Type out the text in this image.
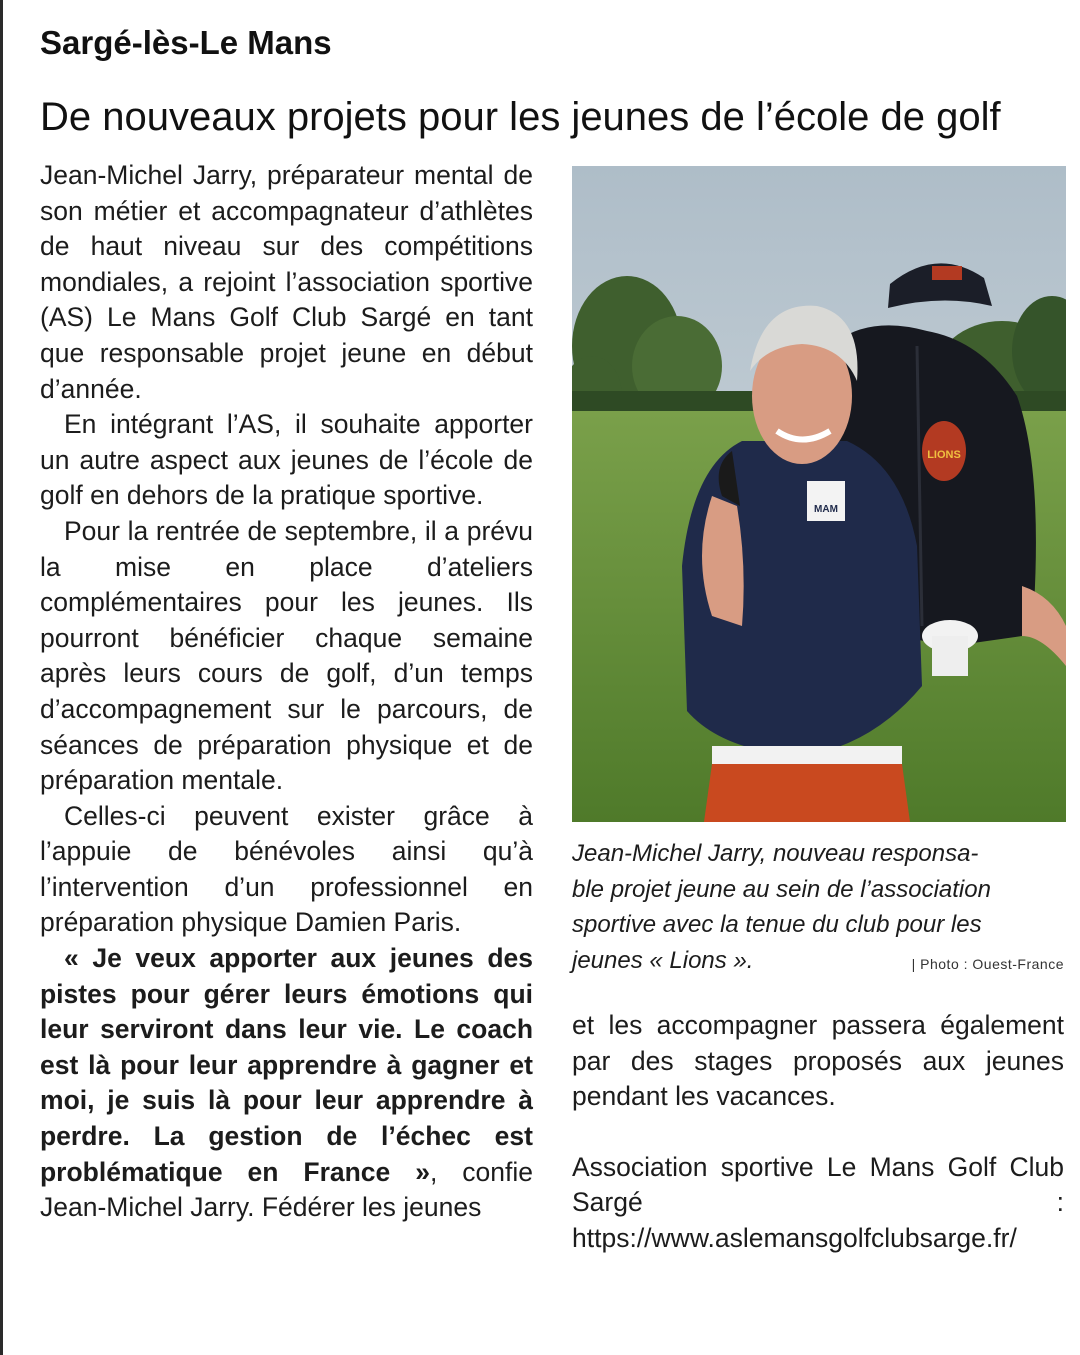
Sargé-lès-Le Mans
De nouveaux projets pour les jeunes de l’école de golf

Jean-Michel Jarry, préparateur mental de son métier et accompagnateur d’athlètes de haut niveau sur des compétitions mondiales, a rejoint l’association sportive (AS) Le Mans Golf Club Sargé en tant que responsable projet jeune en début d’année.

En intégrant l’AS, il souhaite apporter un autre aspect aux jeunes de l’école de golf en dehors de la pratique sportive.

Pour la rentrée de septembre, il a prévu la mise en place d’ateliers complémentaires pour les jeunes. Ils pourront bénéficier chaque semaine après leurs cours de golf, d’un temps d’accompagnement sur le parcours, de séances de préparation physique et de préparation mentale.

Celles-ci peuvent exister grâce à l’appuie de bénévoles ainsi qu’à l’intervention d’un professionnel en préparation physique Damien Paris.

« Je veux apporter aux jeunes des pistes pour gérer leurs émotions qui leur serviront dans leur vie. Le coach est là pour leur apprendre à gagner et moi, je suis là pour leur apprendre à perdre. La gestion de l’échec est problématique en France », confie Jean-Michel Jarry. Fédérer les jeunes

LIONS
MAM
Jean-Michel Jarry, nouveau responsa-
ble projet jeune au sein de l’association
sportive avec la tenue du club pour les
jeunes « Lions ».	| Photo : Ouest-France

et les accompagner passera également par des stages proposés aux jeunes pendant les vacances.

Association sportive Le Mans Golf Club Sargé : https://www.aslemansgolfclubsarge.fr/
